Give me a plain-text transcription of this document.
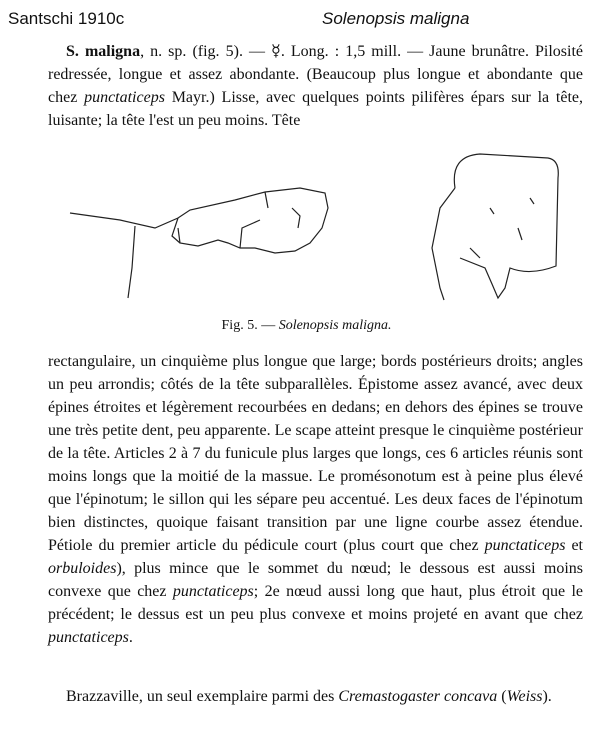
Santschi 1910c	Solenopsis maligna
S. maligna, n. sp. (fig. 5). — ☿. Long. : 1,5 mill. — Jaune brunâtre. Pilosité redressée, longue et assez abondante. (Beaucoup plus longue et abondante que chez punctaticeps Mayr.) Lisse, avec quelques points pilifères épars sur la tête, luisante; la tête l'est un peu moins. Tête
Fig. 5. — Solenopsis maligna.
rectangulaire, un cinquième plus longue que large; bords postérieurs droits; angles un peu arrondis; côtés de la tête subparallèles. Épistome assez avancé, avec deux épines étroites et légèrement recourbées en dedans; en dehors des épines se trouve une très petite dent, peu apparente. Le scape atteint presque le cinquième postérieur de la tête. Articles 2 à 7 du funicule plus larges que longs, ces 6 articles réunis sont moins longs que la moitié de la massue. Le promésonotum est à peine plus élevé que l'épinotum; le sillon qui les sépare peu accentué. Les deux faces de l'épinotum bien distinctes, quoique faisant transition par une ligne courbe assez étendue. Pétiole du premier article du pédicule court (plus court que chez punctaticeps et orbuloides), plus mince que le sommet du nœud; le dessous est aussi moins convexe que chez punctaticeps; 2e nœud aussi long que haut, plus étroit que le précédent; le dessus est un peu plus convexe et moins projeté en avant que chez punctaticeps.
Brazzaville, un seul exemplaire parmi des Cremastogaster concava (Weiss).
